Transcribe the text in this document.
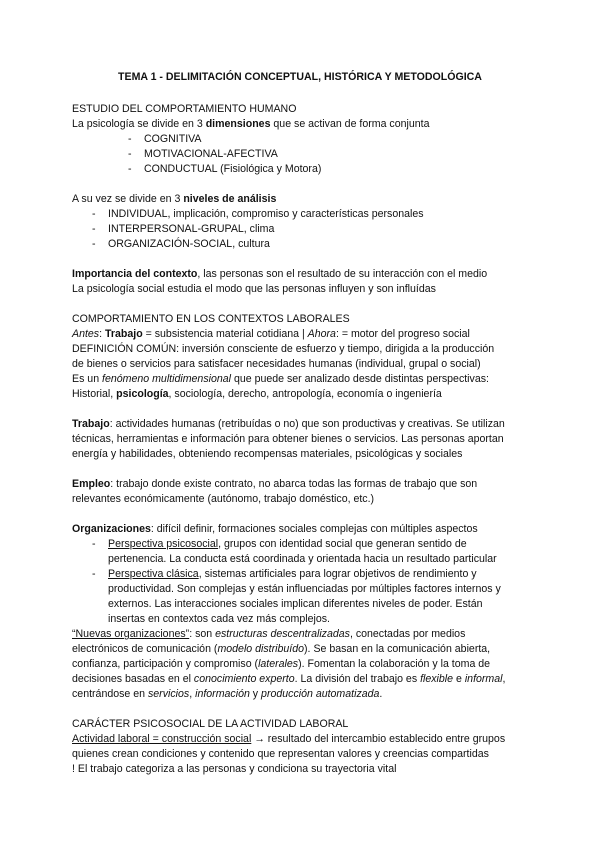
TEMA 1 - DELIMITACIÓN CONCEPTUAL, HISTÓRICA Y METODOLÓGICA

ESTUDIO DEL COMPORTAMIENTO HUMANO

La psicología se divide en 3 dimensiones que se activan de forma conjunta

- COGNITIVA
- MOTIVACIONAL-AFECTIVA
- CONDUCTUAL (Fisiológica y Motora)

A su vez se divide en 3 niveles de análisis

- INDIVIDUAL, implicación, compromiso y características personales
- INTERPERSONAL-GRUPAL, clima
- ORGANIZACIÓN-SOCIAL, cultura

Importancia del contexto, las personas son el resultado de su interacción con el medio

La psicología social estudia el modo que las personas influyen y son influídas

COMPORTAMIENTO EN LOS CONTEXTOS LABORALES

Antes: Trabajo = subsistencia material cotidiana | Ahora: = motor del progreso social

DEFINICIÓN COMÚN: inversión consciente de esfuerzo y tiempo, dirigida a la producción

de bienes o servicios para satisfacer necesidades humanas (individual, grupal o social)

Es un fenómeno multidimensional que puede ser analizado desde distintas perspectivas:

Historial, psicología, sociología, derecho, antropología, economía o ingeniería

Trabajo: actividades humanas (retribuídas o no) que son productivas y creativas. Se utilizan

técnicas, herramientas e información para obtener bienes o servicios. Las personas aportan

energía y habilidades, obteniendo recompensas materiales, psicológicas y sociales

Empleo: trabajo donde existe contrato, no abarca todas las formas de trabajo que son

relevantes económicamente (autónomo, trabajo doméstico, etc.)

Organizaciones: difícil definir, formaciones sociales complejas con múltiples aspectos

- Perspectiva psicosocial, grupos con identidad social que generan sentido de
pertenencia. La conducta está coordinada y orientada hacia un resultado particular
- Perspectiva clásica, sistemas artificiales para lograr objetivos de rendimiento y
productividad. Son complejas y están influenciadas por múltiples factores internos y
externos. Las interacciones sociales implican diferentes niveles de poder. Están
insertas en contextos cada vez más complejos.

“Nuevas organizaciones”: son estructuras descentralizadas, conectadas por medios

electrónicos de comunicación (modelo distribuído). Se basan en la comunicación abierta,

confianza, participación y compromiso (laterales). Fomentan la colaboración y la toma de

decisiones basadas en el conocimiento experto. La división del trabajo es flexible e informal,

centrándose en servicios, información y producción automatizada.

CARÁCTER PSICOSOCIAL DE LA ACTIVIDAD LABORAL

Actividad laboral = construcción social → resultado del intercambio establecido entre grupos

quienes crean condiciones y contenido que representan valores y creencias compartidas

! El trabajo categoriza a las personas y condiciona su trayectoria vital
